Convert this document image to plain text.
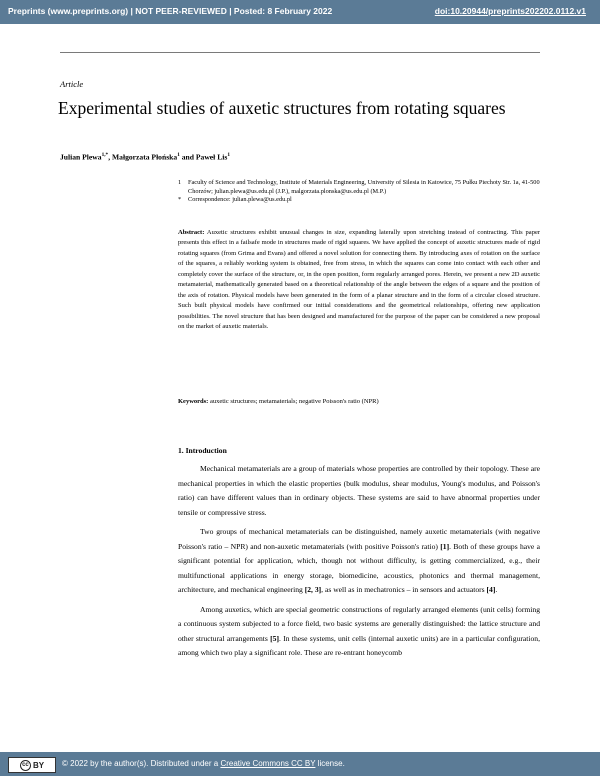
Preprints (www.preprints.org) | NOT PEER-REVIEWED | Posted: 8 February 2022	doi:10.20944/preprints202202.0112.v1
Article
Experimental studies of auxetic structures from rotating squares
Julian Plewa$^{1,*}$, Małgorzata Płońska$^1$ and Paweł Lis$^1$
1	Faculty of Science and Technology, Institute of Materials Engineering, University of Silesia in Katowice, 75 Pułku Piechoty Str. 1a, 41-500 Chorzów; julian.plewa@us.edu.pl (J.P.), malgorzata.plonska@us.edu.pl (M.P.)
*	Correspondence: julian.plewa@us.edu.pl
Abstract: Auxetic structures exhibit unusual changes in size, expanding laterally upon stretching instead of contracting. This paper presents this effect in a failsafe mode in structures made of rigid squares. We have applied the concept of auxetic structures made of rigid rotating squares (from Grima and Evans) and offered a novel solution for connecting them. By introducing axes of rotation on the surface of the squares, a reliably working system is obtained, free from stress, in which the squares can come into contact with each other and completely cover the surface of the structure, or, in the open position, form regularly arranged pores. Herein, we present a new 2D auxetic metamaterial, mathematically generated based on a theoretical relationship of the angle between the edges of a square and the position of the axis of rotation. Physical models have been generated in the form of a planar structure and in the form of a circular closed structure. Such built physical models have confirmed our initial considerations and the geometrical relationships, offering new application possibilities. The novel structure that has been designed and manufactured for the purpose of the paper can be considered a new proposal on the market of auxetic materials.
Keywords: auxetic structures; metamaterials; negative Poisson's ratio (NPR)
1. Introduction

Mechanical metamaterials are a group of materials whose properties are controlled by their topology. These are mechanical properties in which the elastic properties (bulk modulus, shear modulus, Young's modulus, and Poisson's ratio) can have different values than in ordinary objects. These systems are said to have abnormal properties under tensile or compressive stress.

Two groups of mechanical metamaterials can be distinguished, namely auxetic metamaterials (with negative Poisson's ratio – NPR) and non-auxetic metamaterials (with positive Poisson's ratio) [1]. Both of these groups have a significant potential for application, which, though not without difficulty, is getting commercialized, e.g., their multifunctional applications in energy storage, biomedicine, acoustics, photonics and thermal management, architecture, and mechanical engineering [2, 3], as well as in mechatronics – in sensors and actuators [4].

Among auxetics, which are special geometric constructions of regularly arranged elements (unit cells) forming a continuous system subjected to a force field, two basic systems are generally distinguished: the lattice structure and other structural arrangements [5]. In these systems, unit cells (internal auxetic units) are in a particular configuration, among which two play a significant role. These are re-entrant honeycomb

cc BY © 2022 by the author(s). Distributed under a Creative Commons CC BY license.
